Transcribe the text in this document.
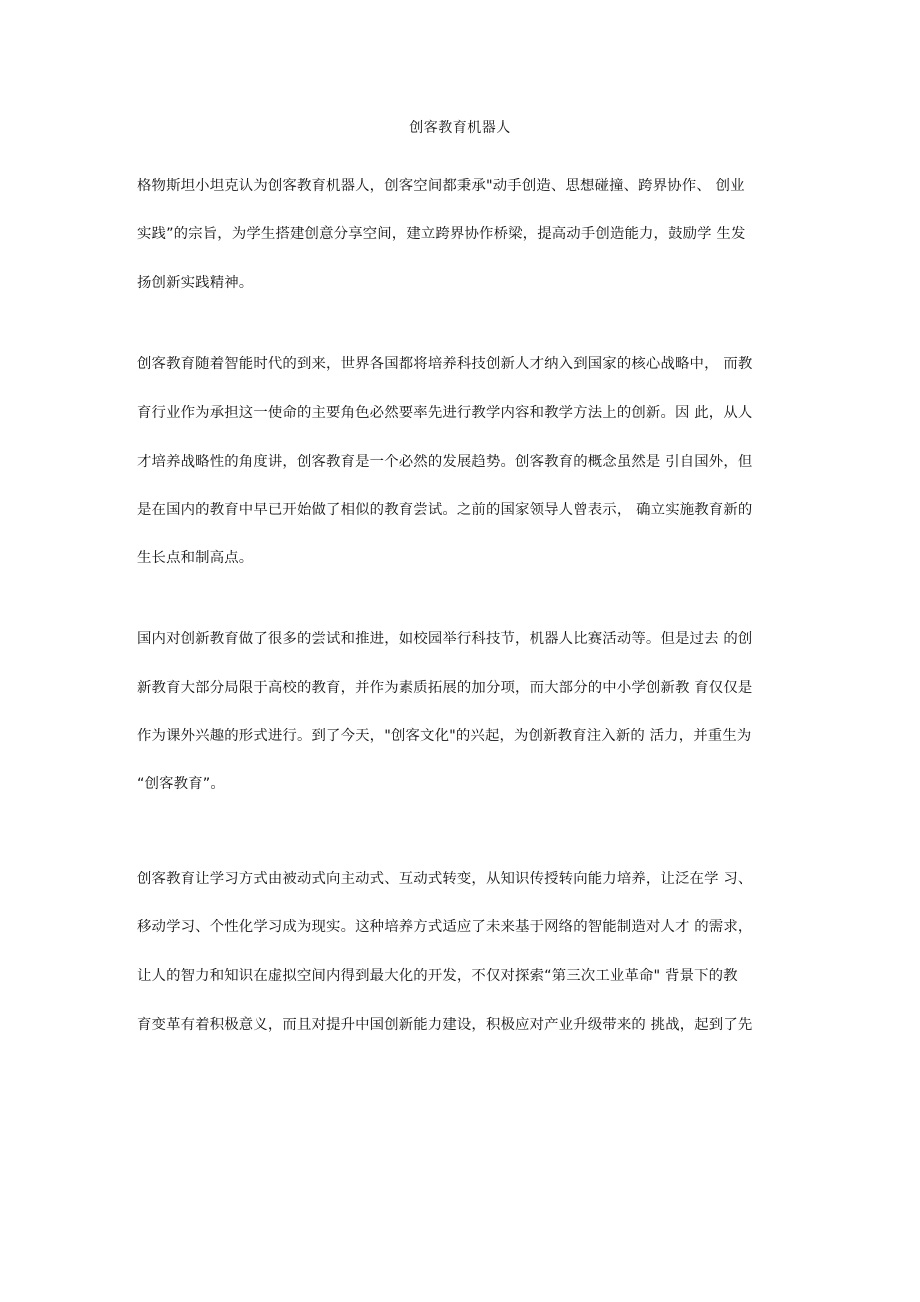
创客教育机器人
格物斯坦小坦克认为创客教育机器人，创客空间都秉承"动手创造、思想碰撞、跨界协作、 创业
实践”的宗旨，为学生搭建创意分享空间，建立跨界协作桥梁，提高动手创造能力，鼓励学 生发
扬创新实践精神。
创客教育随着智能时代的到来，世界各国都将培养科技创新人才纳入到国家的核心战略中， 而教
育行业作为承担这一使命的主要角色必然要率先进行教学内容和教学方法上的创新。因 此，从人
才培养战略性的角度讲，创客教育是一个必然的发展趋势。创客教育的概念虽然是 引自国外，但
是在国内的教育中早已开始做了相似的教育尝试。之前的国家领导人曾表示， 确立实施教育新的
生长点和制高点。
国内对创新教育做了很多的尝试和推进，如校园举行科技节，机器人比赛活动等。但是过去 的创
新教育大部分局限于高校的教育，并作为素质拓展的加分项，而大部分的中小学创新教 育仅仅是
作为课外兴趣的形式进行。到了今天，"创客文化"的兴起，为创新教育注入新的 活力，并重生为
“创客教育”。
创客教育让学习方式由被动式向主动式、互动式转变，从知识传授转向能力培养，让泛在学 习、
移动学习、个性化学习成为现实。这种培养方式适应了未来基于网络的智能制造对人才 的需求，
让人的智力和知识在虚拟空间内得到最大化的开发，不仅对探索“第三次工业革命" 背景下的教
育变革有着积极意义，而且对提升中国创新能力建设，积极应对产业升级带来的 挑战，起到了先
